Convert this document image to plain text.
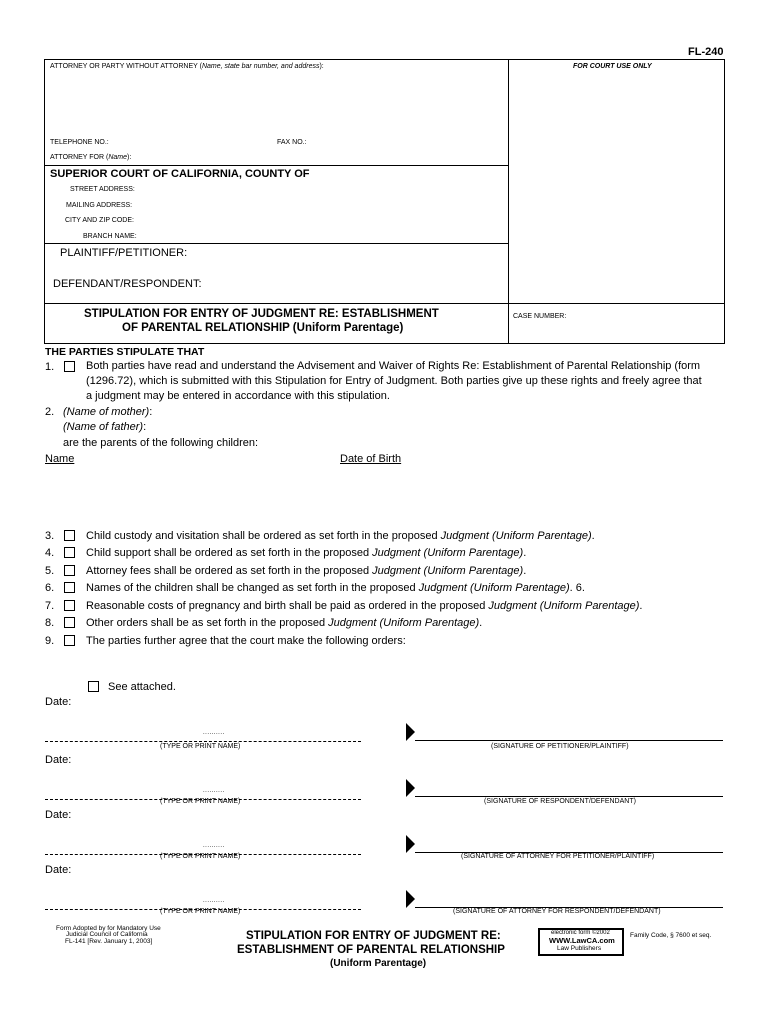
FL-240
ATTORNEY OR PARTY WITHOUT ATTORNEY (Name, state bar number, and address):	FOR COURT USE ONLY
TELEPHONE NO.:	FAX NO.:
ATTORNEY FOR (Name):
SUPERIOR COURT OF CALIFORNIA, COUNTY OF
STREET ADDRESS:
MAILING ADDRESS:
CITY AND ZIP CODE:
BRANCH NAME:
PLAINTIFF/PETITIONER:
DEFENDANT/RESPONDENT:
STIPULATION FOR ENTRY OF JUDGMENT RE: ESTABLISHMENT
OF PARENTAL RELATIONSHIP (Uniform Parentage)
CASE NUMBER:
THE PARTIES STIPULATE THAT
1.	Both parties have read and understand the Advisement and Waiver of Rights Re: Establishment of Parental Relationship (form
(1296.72), which is submitted with this Stipulation for Entry of Judgment. Both parties give up these rights and freely agree that
a judgment may be entered in accordance with this stipulation.
2. (Name of mother):
(Name of father):
are the parents of the following children:
Name	Date of Birth
3.	Child custody and visitation shall be ordered as set forth in the proposed Judgment (Uniform Parentage).
4.	Child support shall be ordered as set forth in the proposed Judgment (Uniform Parentage).
5.	Attorney fees shall be ordered as set forth in the proposed Judgment (Uniform Parentage).
6.	Names of the children shall be changed as set forth in the proposed Judgment (Uniform Parentage). 6.
7.	Reasonable costs of pregnancy and birth shall be paid as ordered in the proposed Judgment (Uniform Parentage).
8.	Other orders shall be as set forth in the proposed Judgment (Uniform Parentage).
9.	The parties further agree that the court make the following orders:
See attached.
Date:
..........
(TYPE OR PRINT NAME)	(SIGNATURE OF PETITIONER/PLAINTIFF)
Date:
..........
(TYPE OR PRINT NAME)	(SIGNATURE OF RESPONDENT/DEFENDANT)
Date:
..........
(TYPE OR PRINT NAME)	(SIGNATURE OF ATTORNEY FOR PETITIONER/PLAINTIFF)
Date:
..........
(TYPE OR PRINT NAME)	(SIGNATURE OF ATTORNEY FOR RESPONDENT/DEFENDANT)
Form Adopted by for Mandatory Use
Judicial Council of California
FL-141 [Rev. January 1, 2003]	STIPULATION FOR ENTRY OF JUDGMENT RE:
ESTABLISHMENT OF PARENTAL RELATIONSHIP
(Uniform Parentage)
electronic form ©2002
WWW.LawCA.com
Law Publishers
Family Code, § 7600 et seq.
